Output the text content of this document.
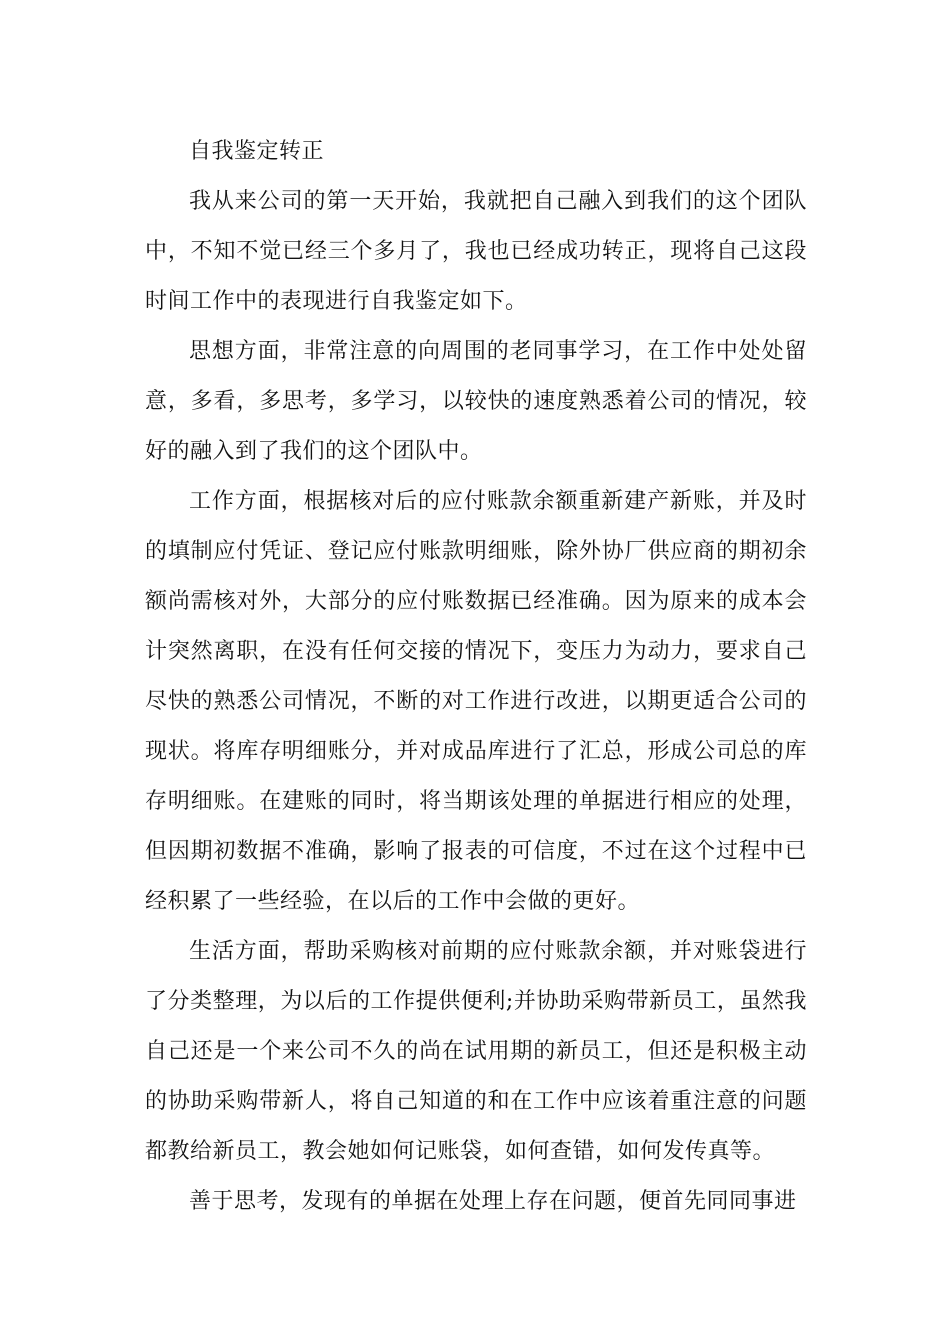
自我鉴定转正

我从来公司的第一天开始，我就把自己融入到我们的这个团队中，不知不觉已经三个多月了，我也已经成功转正，现将自己这段时间工作中的表现进行自我鉴定如下。

思想方面，非常注意的向周围的老同事学习，在工作中处处留意，多看，多思考，多学习，以较快的速度熟悉着公司的情况，较好的融入到了我们的这个团队中。

工作方面，根据核对后的应付账款余额重新建产新账，并及时的填制应付凭证、登记应付账款明细账，除外协厂供应商的期初余额尚需核对外，大部分的应付账数据已经准确。因为原来的成本会计突然离职，在没有任何交接的情况下，变压力为动力，要求自己尽快的熟悉公司情况，不断的对工作进行改进，以期更适合公司的现状。将库存明细账分，并对成品库进行了汇总，形成公司总的库存明细账。在建账的同时，将当期该处理的单据进行相应的处理，但因期初数据不准确，影响了报表的可信度，不过在这个过程中已经积累了一些经验，在以后的工作中会做的更好。

生活方面，帮助采购核对前期的应付账款余额，并对账袋进行了分类整理，为以后的工作提供便利;并协助采购带新员工，虽然我自己还是一个来公司不久的尚在试用期的新员工，但还是积极主动的协助采购带新人，将自己知道的和在工作中应该着重注意的问题都教给新员工，教会她如何记账袋，如何查错，如何发传真等。

善于思考，发现有的单据在处理上存在问题，便首先同同事进
